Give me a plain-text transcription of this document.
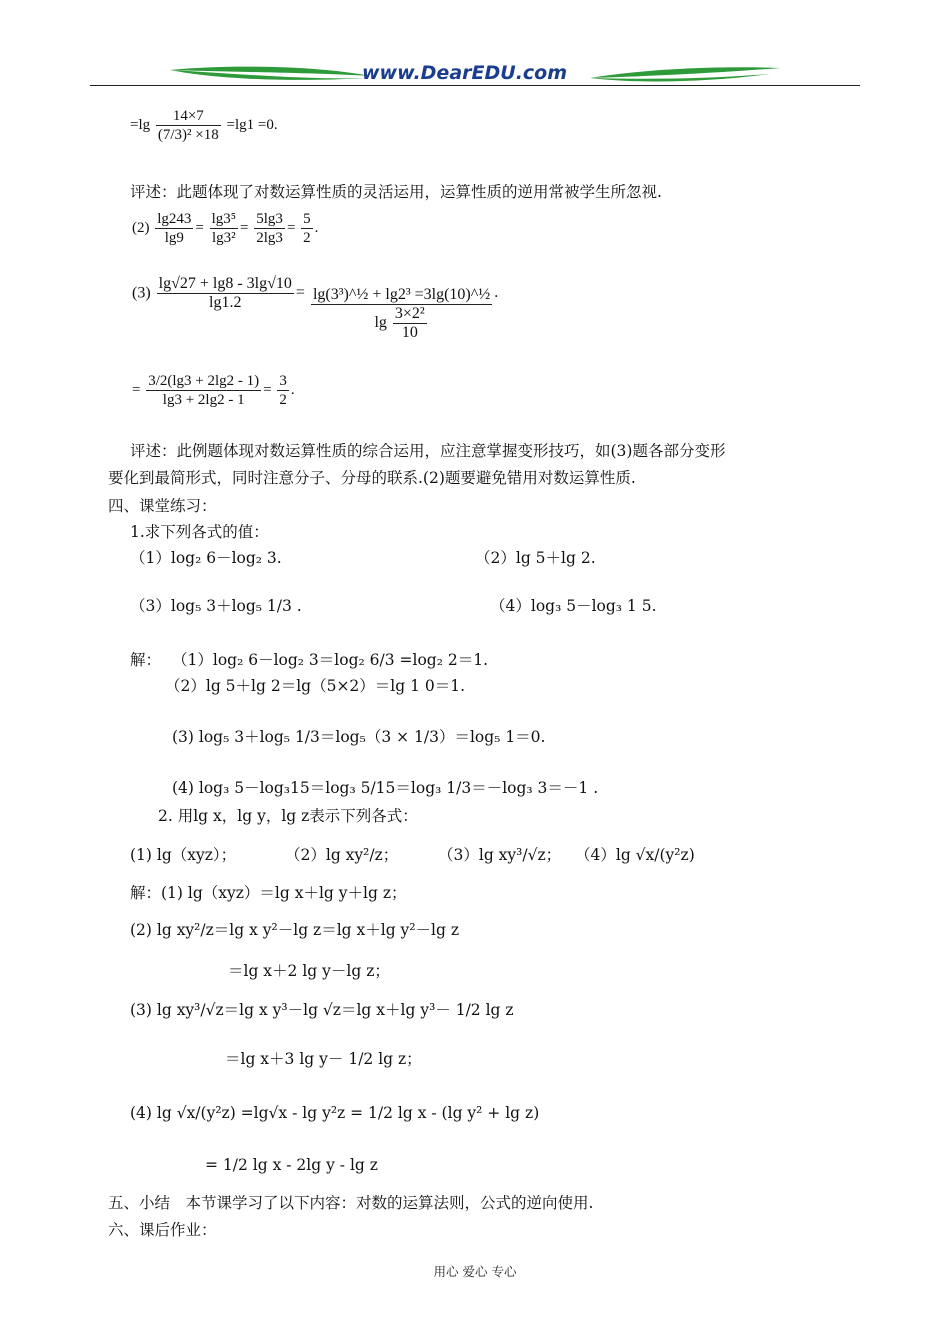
www.DearEDU.com
$=\lg \frac{14\times 7}{\text{(7/3)² ×18}} =\lg 1 =0$.
评述：此题体现了对数运算性质的灵活运用，运算性质的逆用常被学生所忽视.
$(2) \frac{\lg 243}{\lg 9} = \frac{\text{lg3⁵}}{\text{lg3²}} = \frac{5\lg 3}{2\lg 3} = \frac{5}{2}$ .
$(3) \frac{\lg√27 + \lg 8 - 3\lg√10}{\lg 1.2} = \frac{\text{lg(3³)\textasciicircum{}½ + lg2³ =3lg(10)\textasciicircum{}½}}{\lg \frac{\text{3×2²}}{10}}$ .
= $\frac{3/2(\lg 3 + 2\lg 2 - 1)}{\lg 3 + 2\lg 2 - 1} = \frac{3}{2}$ .
评述：此例题体现对数运算性质的综合运用，应注意掌握变形技巧，如(3)题各部分变形
要化到最简形式，同时注意分子、分母的联系.(2)题要避免错用对数运算性质.
四、课堂练习：
1.求下列各式的值：
（1）log₂ 6－log₂ 3.	（2）lg 5＋lg 2.
（3）log₅ 3＋log₅ 1/3 .	（4）log₃ 5－log₃ 1 5.
解： （1）log₂ 6－log₂ 3＝log₂ 6/3 =log₂ 2＝1.
（2）lg 5＋lg 2＝lg（5×2）＝lg 1 0＝1.
(3) log₅ 3＋log₅ 1/3＝log₅（3 × 1/3）＝log₅ 1＝0.
(4) log₃ 5－log₃15＝log₃ 5/15＝log₃ 1/3＝－log₃ 3＝－1 .
2. 用lg x，lg y，lg z表示下列各式：
(1) lg（xyz）；	（2）lg xy²/z；	（3）lg xy³/√z； （4）lg √x/(y²z)
解：(1) lg（xyz）＝lg x＋lg y＋lg z；
(2) lg xy²/z＝lg x y²－lg z＝lg x＋lg y²－lg z
＝lg x＋2 lg y－lg z；
(3) lg xy³/√z＝lg x y³－lg √z＝lg x＋lg y³－ 1/2 lg z
＝lg x＋3 lg y－ 1/2 lg z；
(4) lg √x/(y²z) =lg√x - lg y²z = 1/2 lg x - (lg y² + lg z)
= 1/2 lg x - 2lg y - lg z
五、小结　本节课学习了以下内容：对数的运算法则，公式的逆向使用.
六、课后作业：
用心 爱心 专心
